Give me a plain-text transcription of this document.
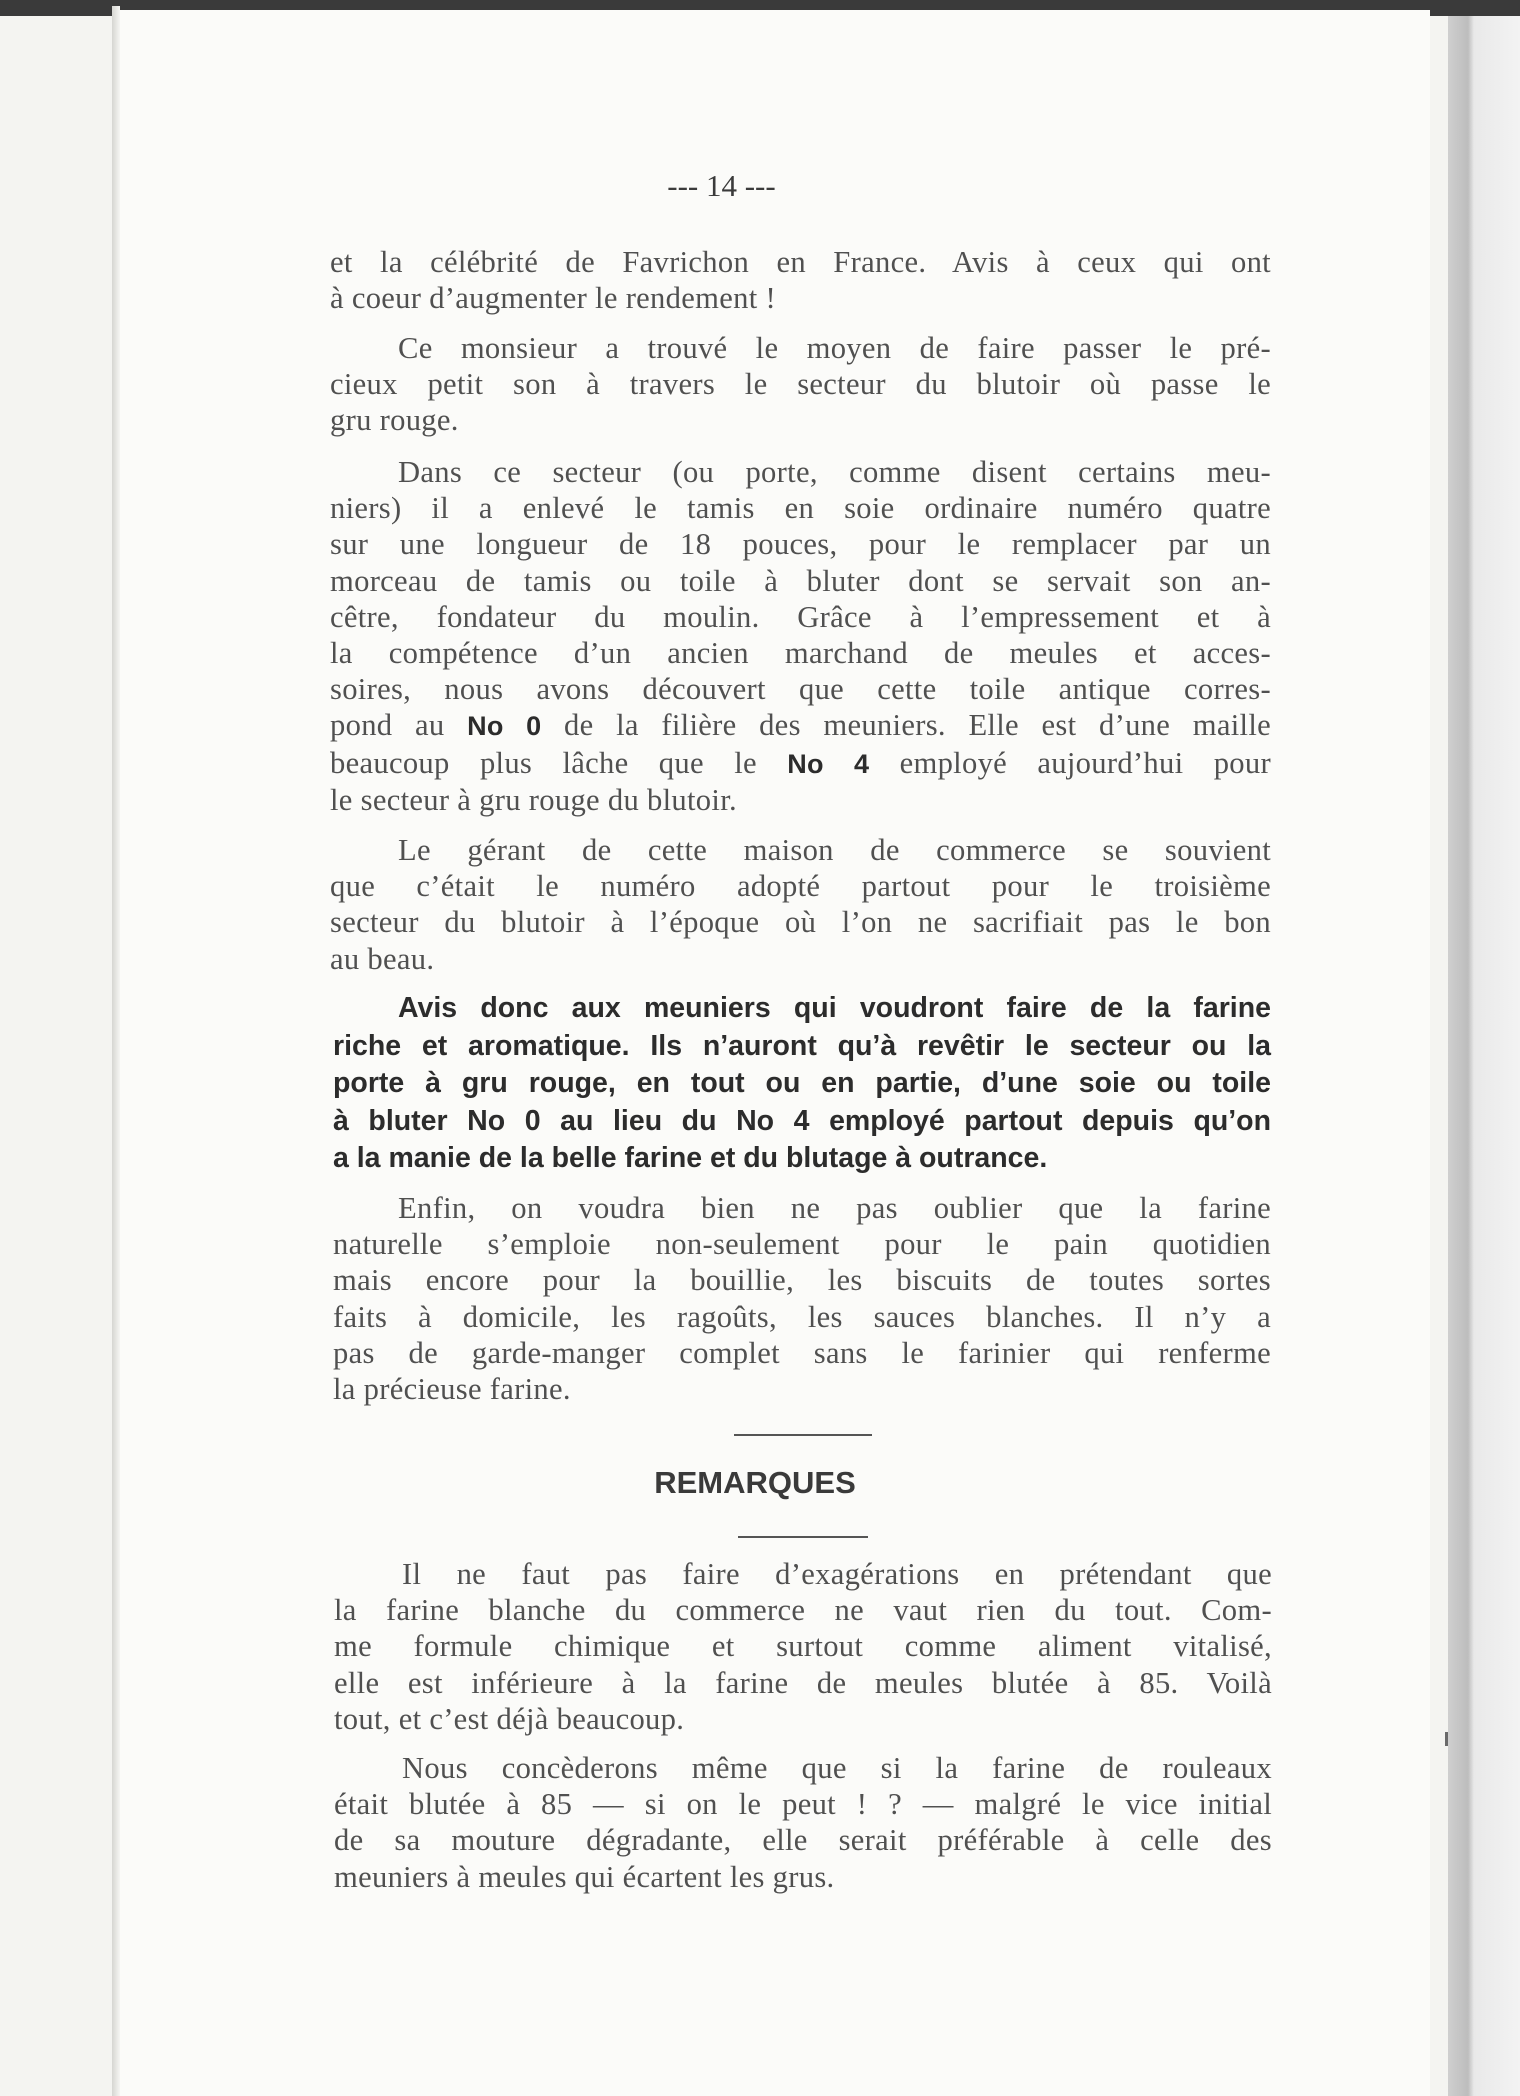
--- 14 ---

et la célébrité de Favrichon en France. Avis à ceux qui ont
à coeur d’augmenter le rendement !
Ce monsieur a trouvé le moyen de faire passer le pré-
cieux petit son à travers le secteur du blutoir où passe le
gru rouge.
Dans ce secteur (ou porte, comme disent certains meu-
niers) il a enlevé le tamis en soie ordinaire numéro quatre
sur une longueur de 18 pouces, pour le remplacer par un
morceau de tamis ou toile à bluter dont se servait son an-
cêtre, fondateur du moulin. Grâce à l’empressement et à
la compétence d’un ancien marchand de meules et acces-
soires, nous avons découvert que cette toile antique corres-
pond au No 0 de la filière des meuniers. Elle est d’une maille
beaucoup plus lâche que le No 4 employé aujourd’hui pour
le secteur à gru rouge du blutoir.
Le gérant de cette maison de commerce se souvient
que c’était le numéro adopté partout pour le troisième
secteur du blutoir à l’époque où l’on ne sacrifiait pas le bon
au beau.
Avis donc aux meuniers qui voudront faire de la farine
riche et aromatique. Ils n’auront qu’à revêtir le secteur ou la
porte à gru rouge, en tout ou en partie, d’une soie ou toile
à bluter No 0 au lieu du No 4 employé partout depuis qu’on
a la manie de la belle farine et du blutage à outrance.
Enfin, on voudra bien ne pas oublier que la farine
naturelle s’emploie non-seulement pour le pain quotidien
mais encore pour la bouillie, les biscuits de toutes sortes
faits à domicile, les ragoûts, les sauces blanches. Il n’y a
pas de garde-manger complet sans le farinier qui renferme
la précieuse farine.

REMARQUES

Il ne faut pas faire d’exagérations en prétendant que
la farine blanche du commerce ne vaut rien du tout. Com-
me formule chimique et surtout comme aliment vitalisé,
elle est inférieure à la farine de meules blutée à 85. Voilà
tout, et c’est déjà beaucoup.
Nous concèderons même que si la farine de rouleaux
était blutée à 85 — si on le peut ! ? — malgré le vice initial
de sa mouture dégradante, elle serait préférable à celle des
meuniers à meules qui écartent les grus.
